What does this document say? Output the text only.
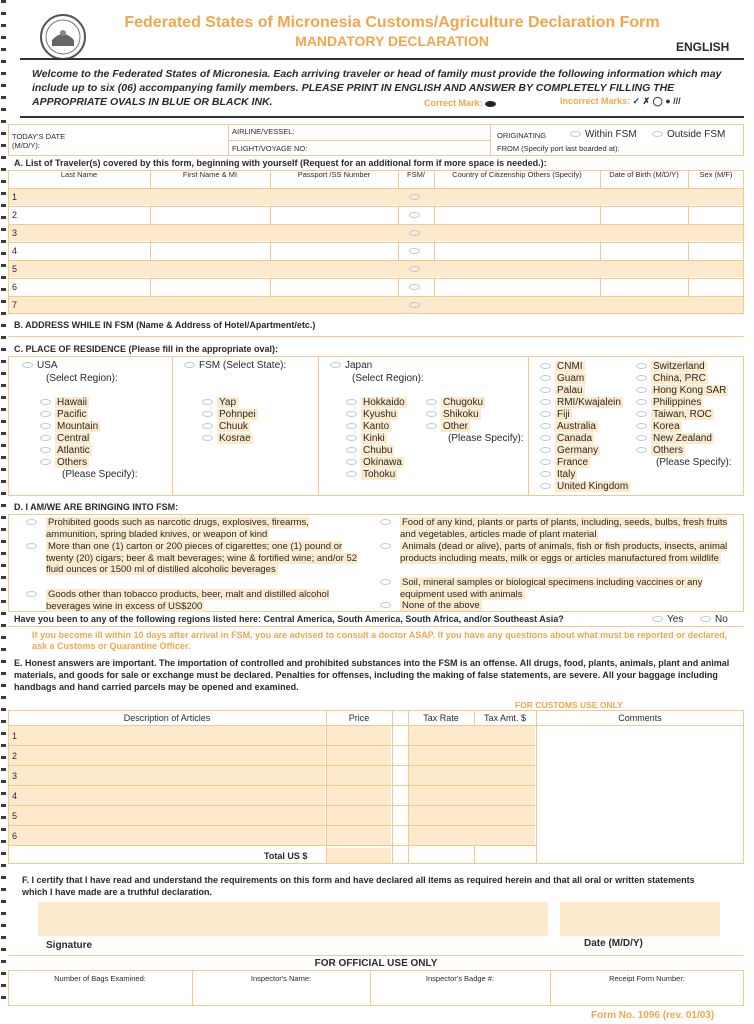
Federated States of Micronesia Customs/Agriculture Declaration Form
MANDATORY DECLARATION	ENGLISH
Welcome to the Federated States of Micronesia. Each arriving traveler or head of family must provide the following information which may include up to six (06) accompanying family members. PLEASE PRINT IN ENGLISH AND ANSWER BY COMPLETELY FILLING THE APPROPRIATE OVALS IN BLUE OR BLACK INK.	Correct Mark:	Incorrect Marks: ✓ ✗ ◯ ● ///
TODAY'S DATE (M/D/Y):
AIRLINE/VESSEL:
FLIGHT/VOYAGE NO:
ORIGINATING	Within FSM	Outside FSM
FROM (Specify port last boarded at):
A. List of Traveler(s) covered by this form, beginning with yourself (Request for an additional form if more space is needed.):
Last Name	First Name & MI	Passport /SS Number	FSM/	Country of Citizenship Others (Specify)	Date of Birth (M/D/Y)	Sex (M/F)
1
2
3
4
5
6
7
B. ADDRESS WHILE IN FSM (Name & Address of Hotel/Apartment/etc.)
C. PLACE OF RESIDENCE (Please fill in the appropriate oval):
USA
(Select Region):
Hawaii
Pacific
Mountain
Central
Atlantic
Others
(Please Specify):
FSM (Select State):
Yap
Pohnpei
Chuuk
Kosrae
Japan
(Select Region):
Hokkaido
Kyushu
Kanto
Kinki
Chubu
Okinawa
Tohoku
Chugoku
Shikoku
Other
(Please Specify):
CNMI
Guam
Palau
RMI/Kwajalein
Fiji
Australia
Canada
Germany
France
Italy
United Kingdom
Switzerland
China, PRC
Hong Kong SAR
Philippines
Taiwan, ROC
Korea
New Zealand
Others
(Please Specify):
D. I AM/WE ARE BRINGING INTO FSM:
Prohibited goods such as narcotic drugs, explosives, firearms, ammunition, spring bladed knives, or weapon of kind
More than one (1) carton or 200 pieces of cigarettes; one (1) pound or twenty (20) cigars; beer & malt beverages; wine & fortified wine; and/or 52 fluid ounces or 1500 ml of distilled alcoholic beverages
Goods other than tobacco products, beer, malt and distilled alcohol beverages wine in excess of US$200
Food of any kind, plants or parts of plants, including, seeds, bulbs, fresh fruits and vegetables, articles made of plant material
Animals (dead or alive), parts of animals, fish or fish products, insects, animal products including meats, milk or eggs or articles manufactured from wildlife
Soil, mineral samples or biological specimens including vaccines or any equipment used with animals
None of the above
Have you been to any of the following regions listed here: Central America, South America, South Africa, and/or Southeast Asia?	Yes	No
If you become ill within 10 days after arrival in FSM, you are advised to consult a doctor ASAP. If you have any questions about what must be reported or declared, ask a Customs or Quarantine Officer.
E. Honest answers are important. The importation of controlled and prohibited substances into the FSM is an offense. All drugs, food, plants, animals, plant and animal materials, and goods for sale or exchange must be declared. Penalties for offenses, including the making of false statements, are severe. All your baggage including handbags and hand carried parcels may be opened and examined.
FOR CUSTOMS USE ONLY
Description of Articles	Price	Tax Rate	Tax Amt. $	Comments
1
2
3
4
5
6
Total US $
F. I certify that I have read and understand the requirements on this form and have declared all items as required herein and that all oral or written statements which I have made are a truthful declaration.
Signature	Date (M/D/Y)
FOR OFFICIAL USE ONLY
Number of Bags Examined:	Inspector's Name:	Inspector's Badge #:	Receipt Form Number:
Form No. 1096 (rev. 01/03)
